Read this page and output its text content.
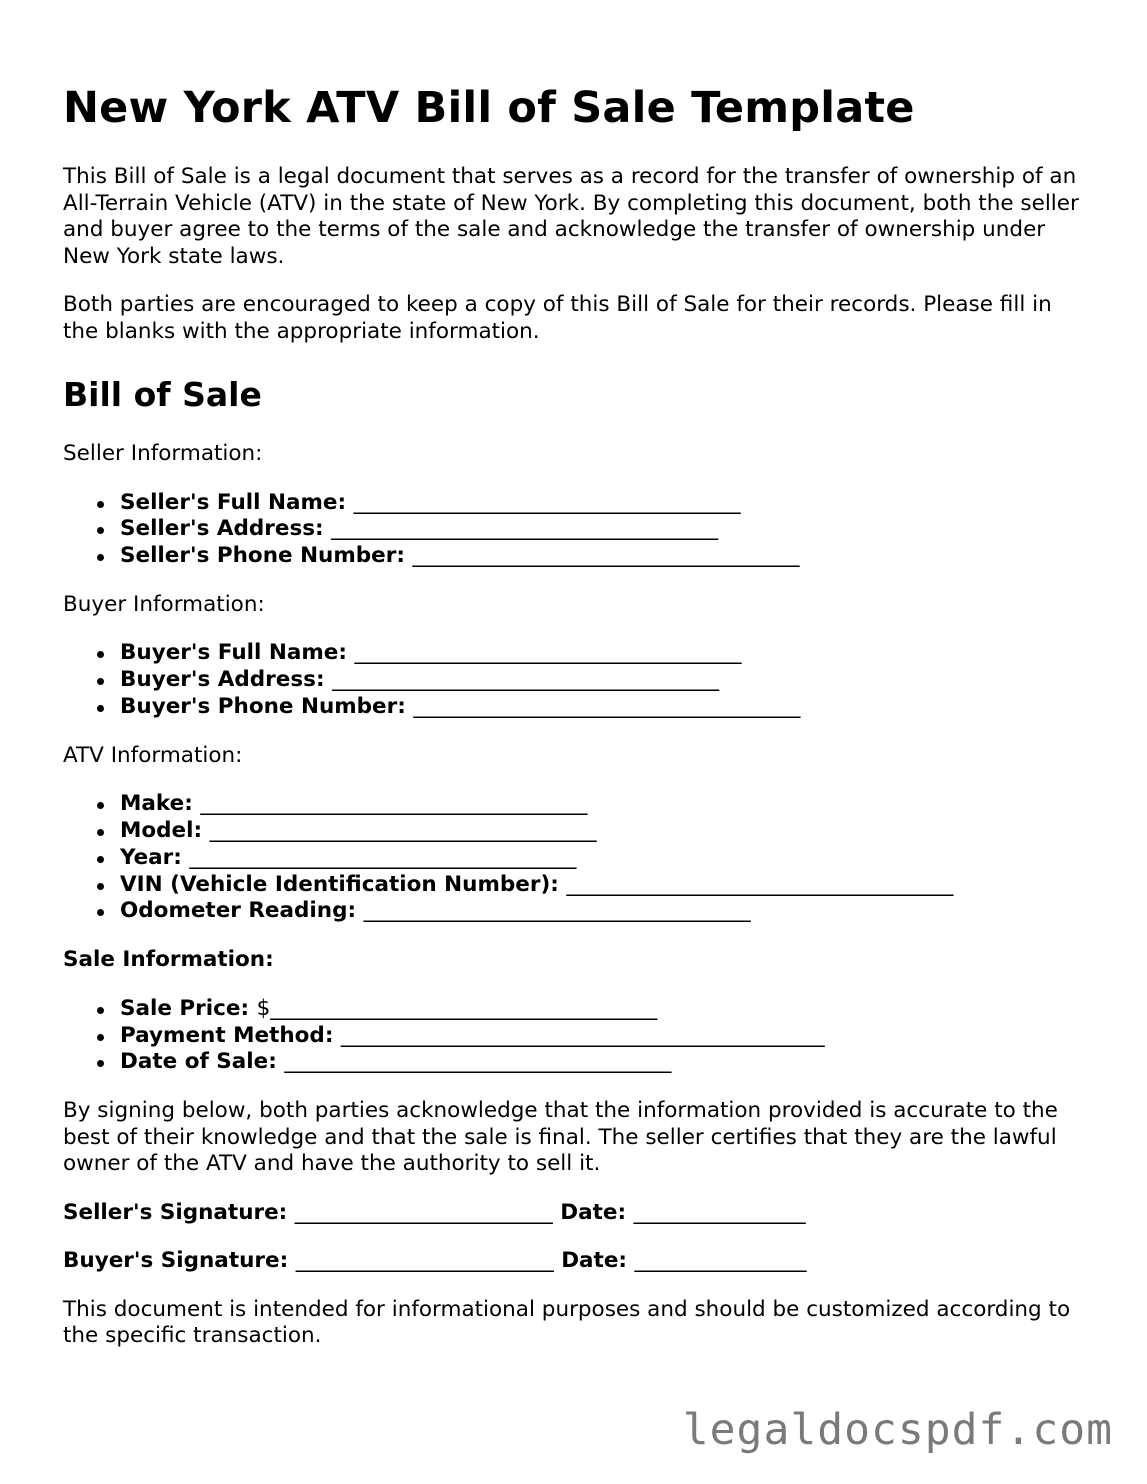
New York ATV Bill of Sale Template

This Bill of Sale is a legal document that serves as a record for the transfer of ownership of an All-Terrain Vehicle (ATV) in the state of New York. By completing this document, both the seller and buyer agree to the terms of the sale and acknowledge the transfer of ownership under New York state laws.

Both parties are encouraged to keep a copy of this Bill of Sale for their records. Please fill in the blanks with the appropriate information.

Bill of Sale
Seller Information:
Seller's Full Name: ____________________________________
Seller's Address: ____________________________________
Seller's Phone Number: ____________________________________
Buyer Information:
Buyer's Full Name: ____________________________________
Buyer's Address: ____________________________________
Buyer's Phone Number: ____________________________________
ATV Information:
Make: ____________________________________
Model: ____________________________________
Year: ____________________________________
VIN (Vehicle Identification Number): ____________________________________
Odometer Reading: ____________________________________
Sale Information:
Sale Price: $____________________________________
Payment Method: _____________________________________________
Date of Sale: ____________________________________

By signing below, both parties acknowledge that the information provided is accurate to the best of their knowledge and that the sale is final. The seller certifies that they are the lawful owner of the ATV and have the authority to sell it.

Seller's Signature: ________________________ Date: ________________
Buyer's Signature: ________________________ Date: ________________

This document is intended for informational purposes and should be customized according to the specific transaction.

legaldocspdf.com
